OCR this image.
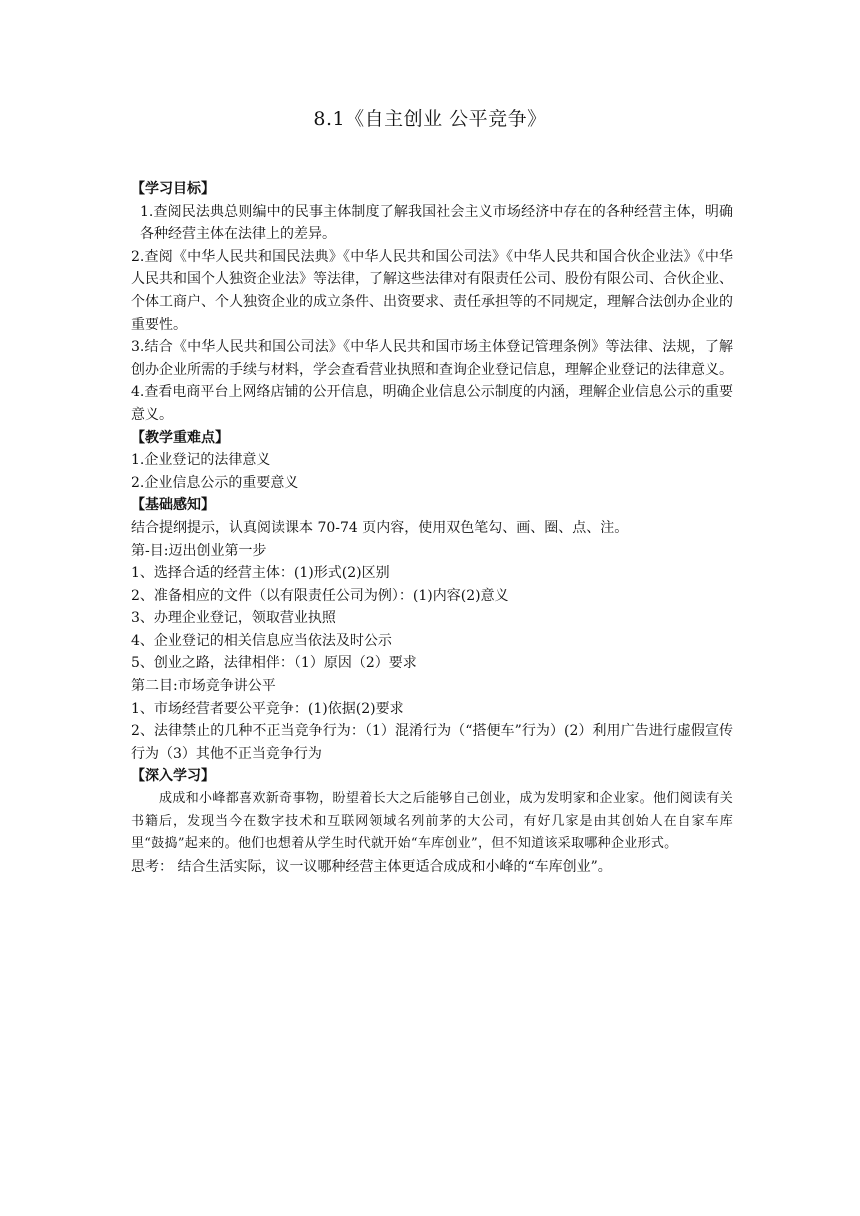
8.1《自主创业 公平竞争》
【学习目标】
1.查阅民法典总则编中的民事主体制度了解我国社会主义市场经济中存在的各种经营主体，明确各种经营主体在法律上的差异。
2.查阅《中华人民共和国民法典》《中华人民共和国公司法》《中华人民共和国合伙企业法》《中华人民共和国个人独资企业法》等法律，了解这些法律对有限责任公司、股份有限公司、合伙企业、个体工商户、个人独资企业的成立条件、出资要求、责任承担等的不同规定，理解合法创办企业的重要性。
3.结合《中华人民共和国公司法》《中华人民共和国市场主体登记管理条例》等法律、法规，了解创办企业所需的手续与材料，学会查看营业执照和查询企业登记信息，理解企业登记的法律意义。
4.查看电商平台上网络店铺的公开信息，明确企业信息公示制度的内涵，理解企业信息公示的重要意义。
【教学重难点】
1.企业登记的法律意义
2.企业信息公示的重要意义
【基础感知】
结合提纲提示，认真阅读课本 70-74 页内容，使用双色笔勾、画、圈、点、注。
第-目:迈出创业第一步
1、选择合适的经营主体：(1)形式(2)区别
2、准备相应的文件（以有限责任公司为例）：(1)内容(2)意义
3、办理企业登记，领取营业执照
4、企业登记的相关信息应当依法及时公示
5、创业之路，法律相伴：（1）原因（2）要求
第二目:市场竞争讲公平
1、市场经营者要公平竞争：(1)依据(2)要求
2、法律禁止的几种不正当竞争行为：（1）混淆行为（“搭便车”行为）(2）利用广告进行虚假宣传行为（3）其他不正当竞争行为
【深入学习】
成成和小峰都喜欢新奇事物，盼望着长大之后能够自己创业，成为发明家和企业家。他们阅读有关书籍后，发现当今在数字技术和互联网领域名列前茅的大公司，有好几家是由其创始人在自家车库里“鼓捣”起来的。他们也想着从学生时代就开始“车库创业”，但不知道该采取哪种企业形式。
思考： 结合生活实际，议一议哪种经营主体更适合成成和小峰的“车库创业”。
